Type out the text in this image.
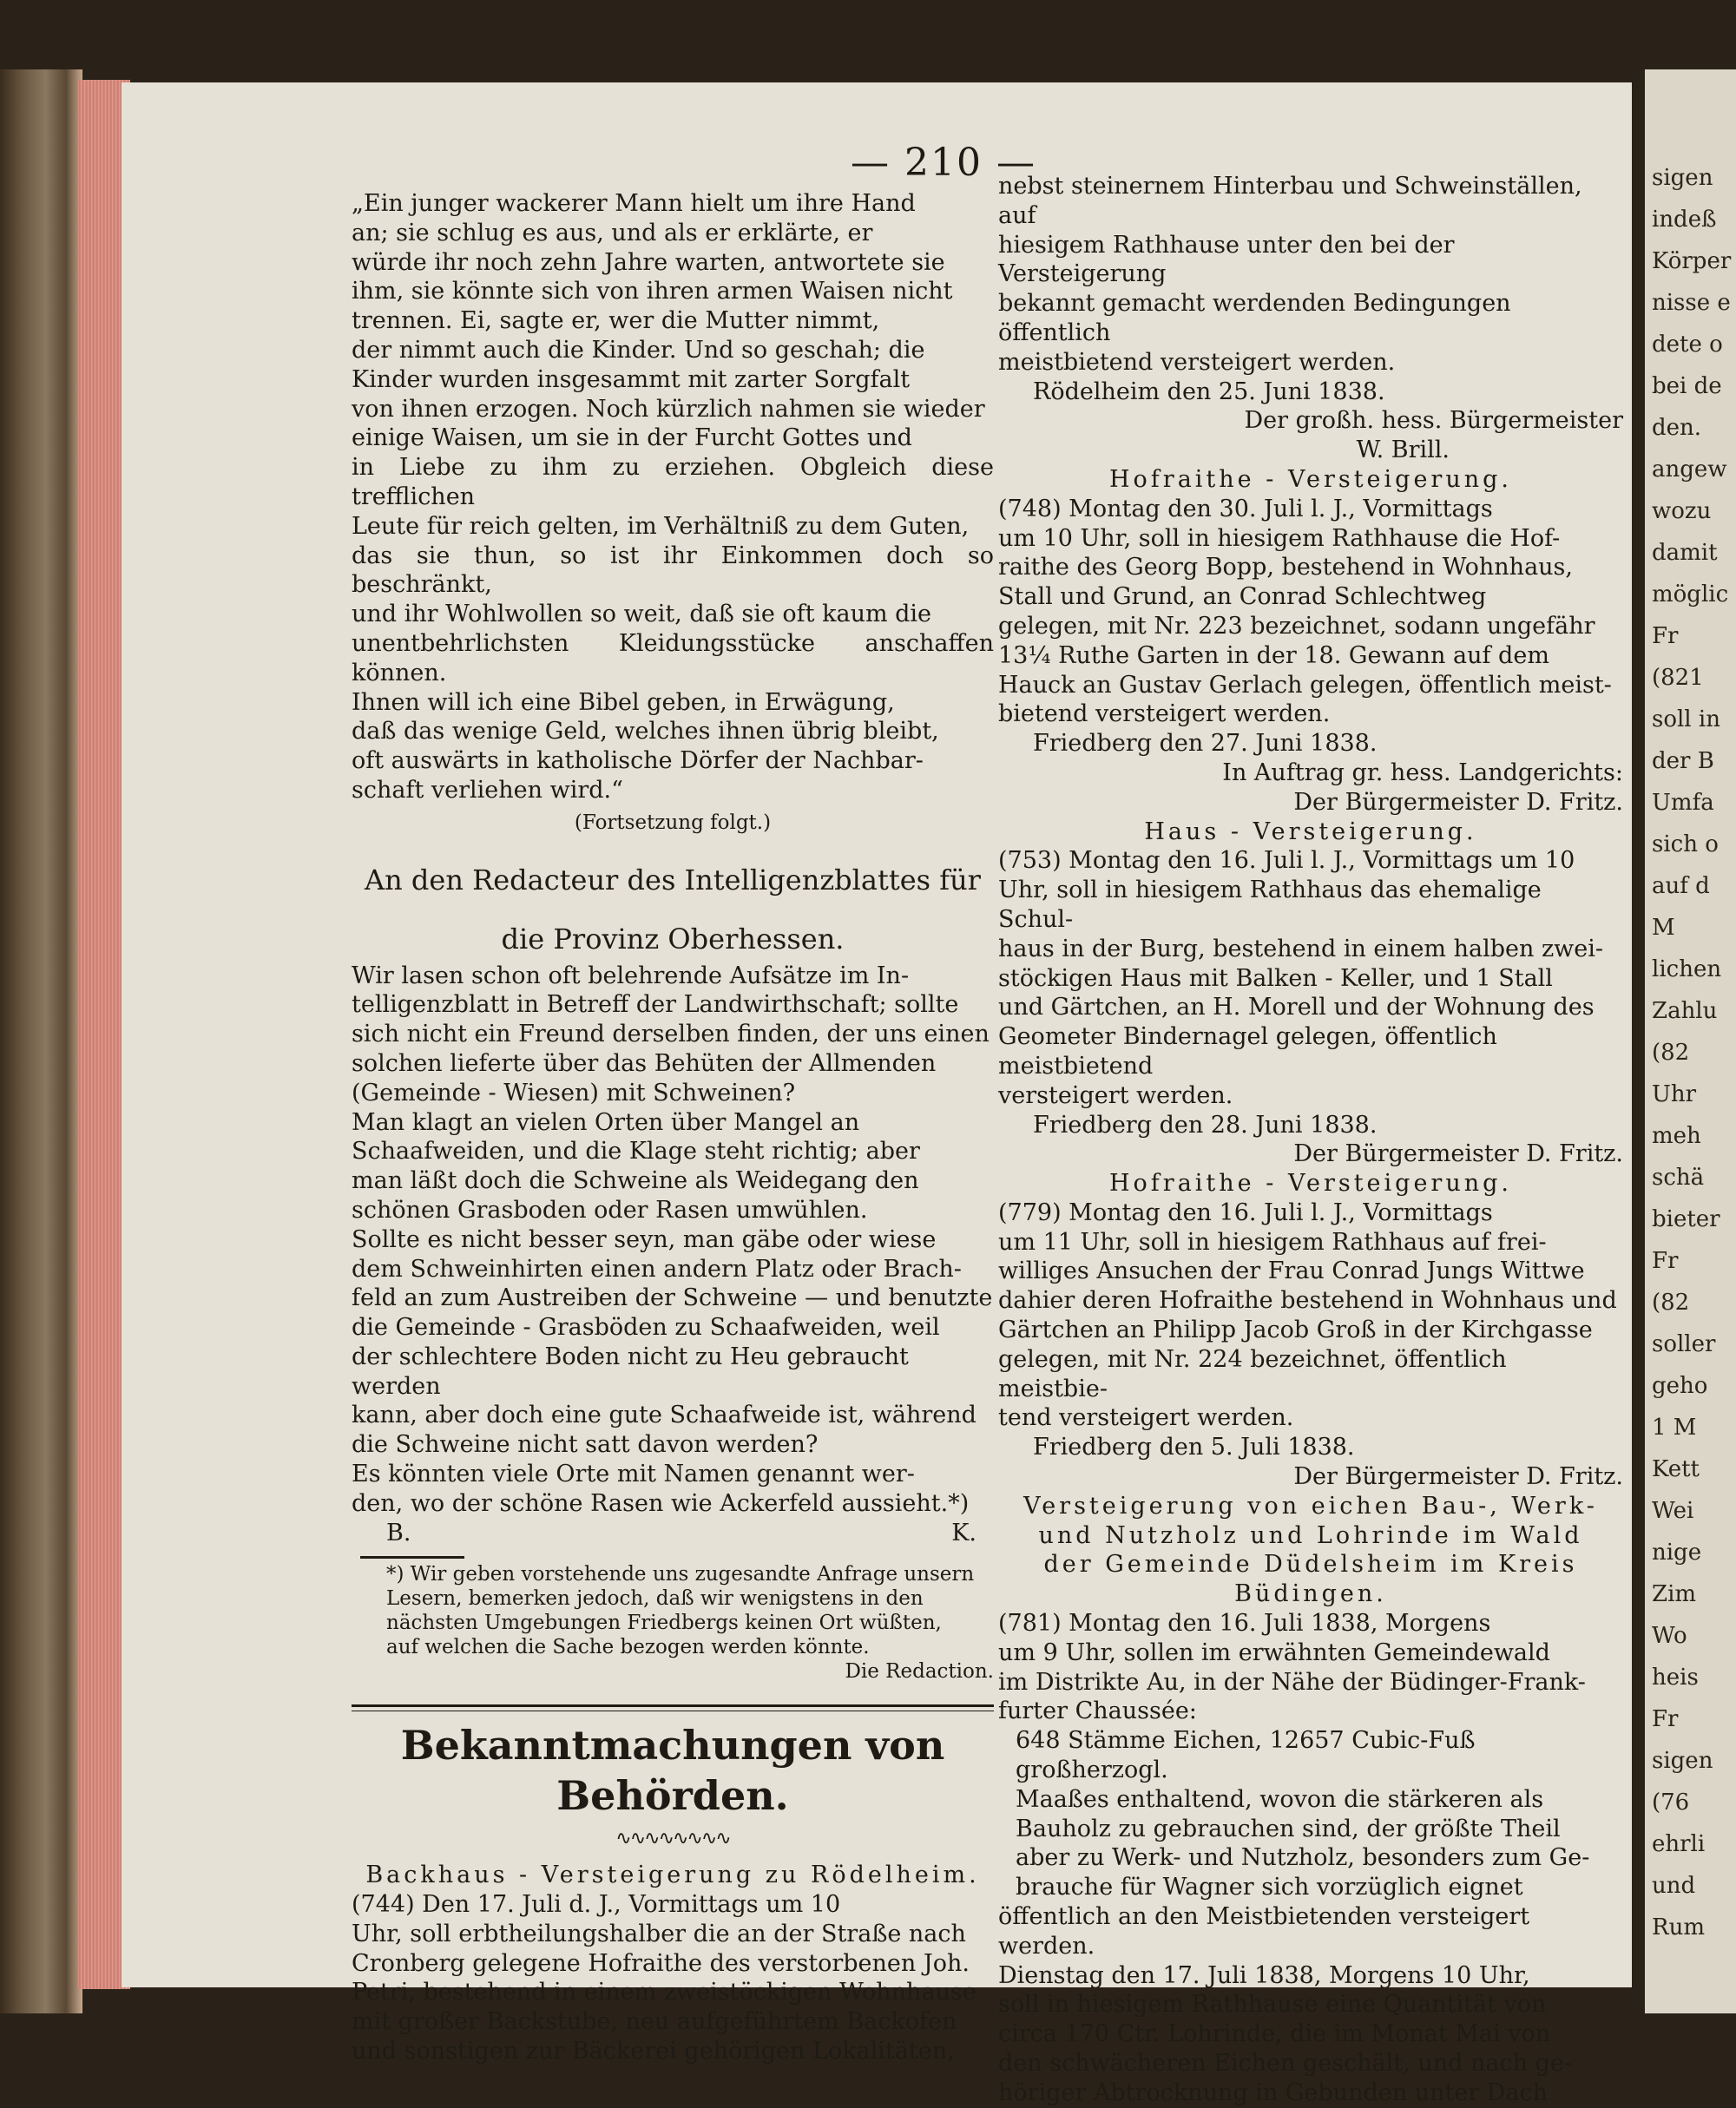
sigen
indeß
Körper
nisse e
dete o
bei de
den.
angew
wozu
damit
möglic
Fr
(821
soll in
der B
Umfa
sich o
auf d
M
lichen
Zahlu
(82
Uhr
meh
schä
bieter
Fr
(82
soller
geho
1 M
Kett
Wei
nige
Zim
Wo
heis
Fr
sigen
(76
ehrli
und
Rum
— 210 —

„Ein junger wackerer Mann hielt um ihre Hand

an; sie schlug es aus, und als er erklärte, er

würde ihr noch zehn Jahre warten, antwortete sie

ihm, sie könnte sich von ihren armen Waisen nicht

trennen. Ei, sagte er, wer die Mutter nimmt,

der nimmt auch die Kinder. Und so geschah; die

Kinder wurden insgesammt mit zarter Sorgfalt

von ihnen erzogen. Noch kürzlich nahmen sie wieder

einige Waisen, um sie in der Furcht Gottes und

in Liebe zu ihm zu erziehen. Obgleich diese trefflichen

Leute für reich gelten, im Verhältniß zu dem Guten,

das sie thun, so ist ihr Einkommen doch so beschränkt,

und ihr Wohlwollen so weit, daß sie oft kaum die

unentbehrlichsten Kleidungsstücke anschaffen können.

Ihnen will ich eine Bibel geben, in Erwägung,

daß das wenige Geld, welches ihnen übrig bleibt,

oft auswärts in katholische Dörfer der Nachbar-

schaft verliehen wird.“

(Fortsetzung folgt.)

An den Redacteur des Intelligenzblattes für

die Provinz Oberhessen.

Wir lasen schon oft belehrende Aufsätze im In-

telligenzblatt in Betreff der Landwirthschaft; sollte

sich nicht ein Freund derselben finden, der uns einen

solchen lieferte über das Behüten der Allmenden

(Gemeinde - Wiesen) mit Schweinen?

Man klagt an vielen Orten über Mangel an

Schaafweiden, und die Klage steht richtig; aber

man läßt doch die Schweine als Weidegang den

schönen Grasboden oder Rasen umwühlen.

Sollte es nicht besser seyn, man gäbe oder wiese

dem Schweinhirten einen andern Platz oder Brach-

feld an zum Austreiben der Schweine — und benutzte

die Gemeinde - Grasböden zu Schaafweiden, weil

der schlechtere Boden nicht zu Heu gebraucht werden

kann, aber doch eine gute Schaafweide ist, während

die Schweine nicht satt davon werden?

Es könnten viele Orte mit Namen genannt wer-

den, wo der schöne Rasen wie Ackerfeld aussieht.*)

B.	K.

*) Wir geben vorstehende uns zugesandte Anfrage unsern

Lesern, bemerken jedoch, daß wir wenigstens in den

nächsten Umgebungen Friedbergs keinen Ort wüßten,

auf welchen die Sache bezogen werden könnte.

Die Redaction.

Bekanntmachungen von Behörden.

∿∿∿∿∿∿∿∿

Backhaus - Versteigerung zu Rödelheim.

(744) Den 17. Juli d. J., Vormittags um 10

Uhr, soll erbtheilungshalber die an der Straße nach

Cronberg gelegene Hofraithe des verstorbenen Joh.

Petri, bestehend in einem zweistöckigen Wohnhause

mit großer Backstube, neu aufgeführtem Backofen

und sonstigen zur Bäckerei gehörigen Lokalitäten,

nebst steinernem Hinterbau und Schweinställen, auf

hiesigem Rathhause unter den bei der Versteigerung

bekannt gemacht werdenden Bedingungen öffentlich

meistbietend versteigert werden.

Rödelheim den 25. Juni 1838.

Der großh. hess. Bürgermeister

W. Brill.

Hofraithe - Versteigerung.

(748) Montag den 30. Juli l. J., Vormittags

um 10 Uhr, soll in hiesigem Rathhause die Hof-

raithe des Georg Bopp, bestehend in Wohnhaus,

Stall und Grund, an Conrad Schlechtweg

gelegen, mit Nr. 223 bezeichnet, sodann ungefähr

13¼ Ruthe Garten in der 18. Gewann auf dem

Hauck an Gustav Gerlach gelegen, öffentlich meist-

bietend versteigert werden.

Friedberg den 27. Juni 1838.

In Auftrag gr. hess. Landgerichts:

Der Bürgermeister D. Fritz.

Haus - Versteigerung.

(753) Montag den 16. Juli l. J., Vormittags um 10

Uhr, soll in hiesigem Rathhaus das ehemalige Schul-

haus in der Burg, bestehend in einem halben zwei-

stöckigen Haus mit Balken - Keller, und 1 Stall

und Gärtchen, an H. Morell und der Wohnung des

Geometer Bindernagel gelegen, öffentlich meistbietend

versteigert werden.

Friedberg den 28. Juni 1838.

Der Bürgermeister D. Fritz.

Hofraithe - Versteigerung.

(779) Montag den 16. Juli l. J., Vormittags

um 11 Uhr, soll in hiesigem Rathhaus auf frei-

williges Ansuchen der Frau Conrad Jungs Wittwe

dahier deren Hofraithe bestehend in Wohnhaus und

Gärtchen an Philipp Jacob Groß in der Kirchgasse

gelegen, mit Nr. 224 bezeichnet, öffentlich meistbie-

tend versteigert werden.

Friedberg den 5. Juli 1838.

Der Bürgermeister D. Fritz.

Versteigerung von eichen Bau-, Werk-

und Nutzholz und Lohrinde im Wald

der Gemeinde Düdelsheim im Kreis

Büdingen.

(781) Montag den 16. Juli 1838, Morgens

um 9 Uhr, sollen im erwähnten Gemeindewald

im Distrikte Au, in der Nähe der Büdinger-Frank-

furter Chaussée:

648 Stämme Eichen, 12657 Cubic-Fuß großherzogl.

Maaßes enthaltend, wovon die stärkeren als

Bauholz zu gebrauchen sind, der größte Theil

aber zu Werk- und Nutzholz, besonders zum Ge-

brauche für Wagner sich vorzüglich eignet

öffentlich an den Meistbietenden versteigert werden.

Dienstag den 17. Juli 1838, Morgens 10 Uhr,

soll in hiesigem Rathhause eine Quantität von

circa 170 Ctr. Lohrinde, die im Monat Mai von

den schwächeren Eichen geschält, und nach ge-

höriger Abtrocknung in Gebunden unter Dach
